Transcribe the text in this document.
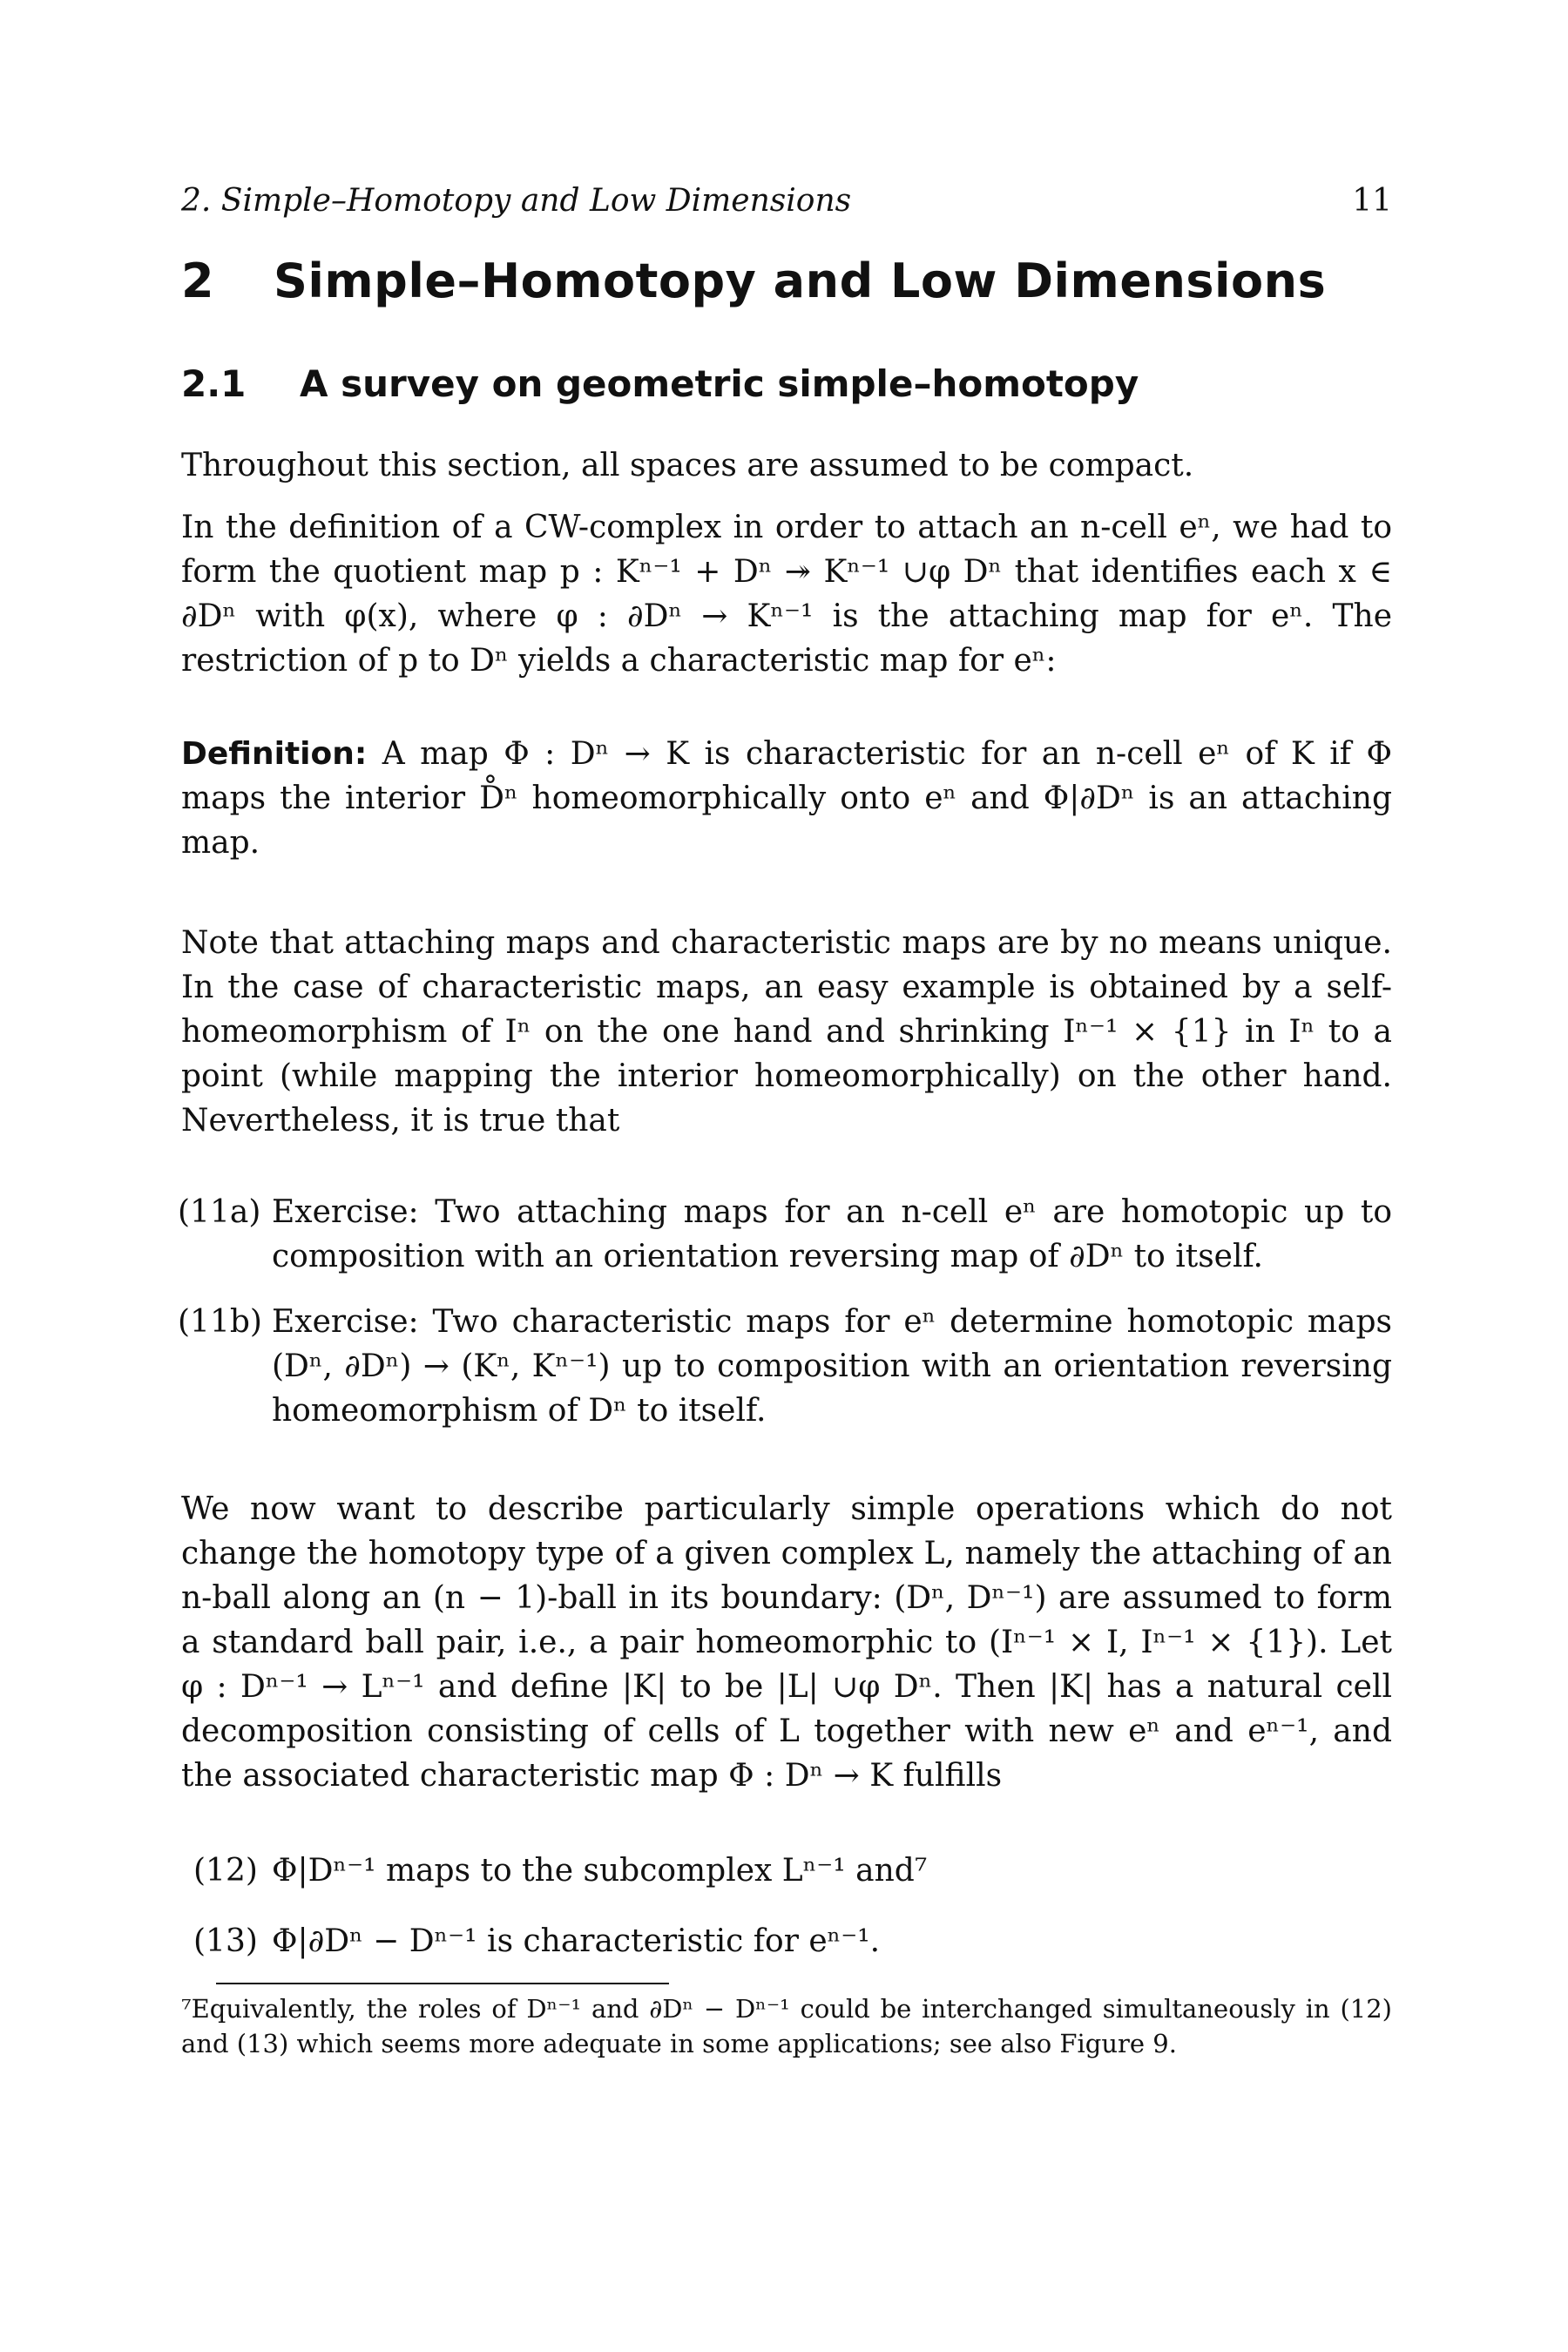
2. Simple–Homotopy and Low Dimensions	11
2	Simple–Homotopy and Low Dimensions
2.1	A survey on geometric simple–homotopy

Throughout this section, all spaces are assumed to be compact.

In the definition of a CW-complex in order to attach an n-cell eⁿ, we had to form the quotient map p : Kⁿ⁻¹ + Dⁿ ↠ Kⁿ⁻¹ ∪φ Dⁿ that identifies each x ∈ ∂Dⁿ with φ(x), where φ : ∂Dⁿ → Kⁿ⁻¹ is the attaching map for eⁿ. The restriction of p to Dⁿ yields a characteristic map for eⁿ:

Definition: A map Φ : Dⁿ → K is characteristic for an n-cell eⁿ of K if Φ maps the interior D̊ⁿ homeomorphically onto eⁿ and Φ|∂Dⁿ is an attaching map.

Note that attaching maps and characteristic maps are by no means unique. In the case of characteristic maps, an easy example is obtained by a self-homeomorphism of Iⁿ on the one hand and shrinking Iⁿ⁻¹ × {1} in Iⁿ to a point (while mapping the interior homeomorphically) on the other hand. Nevertheless, it is true that

(11a) Exercise: Two attaching maps for an n-cell eⁿ are homotopic up to composition with an orientation reversing map of ∂Dⁿ to itself.
(11b) Exercise: Two characteristic maps for eⁿ determine homotopic maps (Dⁿ, ∂Dⁿ) → (Kⁿ, Kⁿ⁻¹) up to composition with an orientation reversing homeomorphism of Dⁿ to itself.

We now want to describe particularly simple operations which do not change the homotopy type of a given complex L, namely the attaching of an n-ball along an (n − 1)-ball in its boundary: (Dⁿ, Dⁿ⁻¹) are assumed to form a standard ball pair, i.e., a pair homeomorphic to (Iⁿ⁻¹ × I, Iⁿ⁻¹ × {1}). Let φ : Dⁿ⁻¹ → Lⁿ⁻¹ and define |K| to be |L| ∪φ Dⁿ. Then |K| has a natural cell decomposition consisting of cells of L together with new eⁿ and eⁿ⁻¹, and the associated characteristic map Φ : Dⁿ → K fulfills

(12) Φ|Dⁿ⁻¹ maps to the subcomplex Lⁿ⁻¹ and⁷
(13) Φ|∂Dⁿ − Dⁿ⁻¹ is characteristic for eⁿ⁻¹.

⁷Equivalently, the roles of Dⁿ⁻¹ and ∂Dⁿ − Dⁿ⁻¹ could be interchanged simultaneously in (12) and (13) which seems more adequate in some applications; see also Figure 9.
